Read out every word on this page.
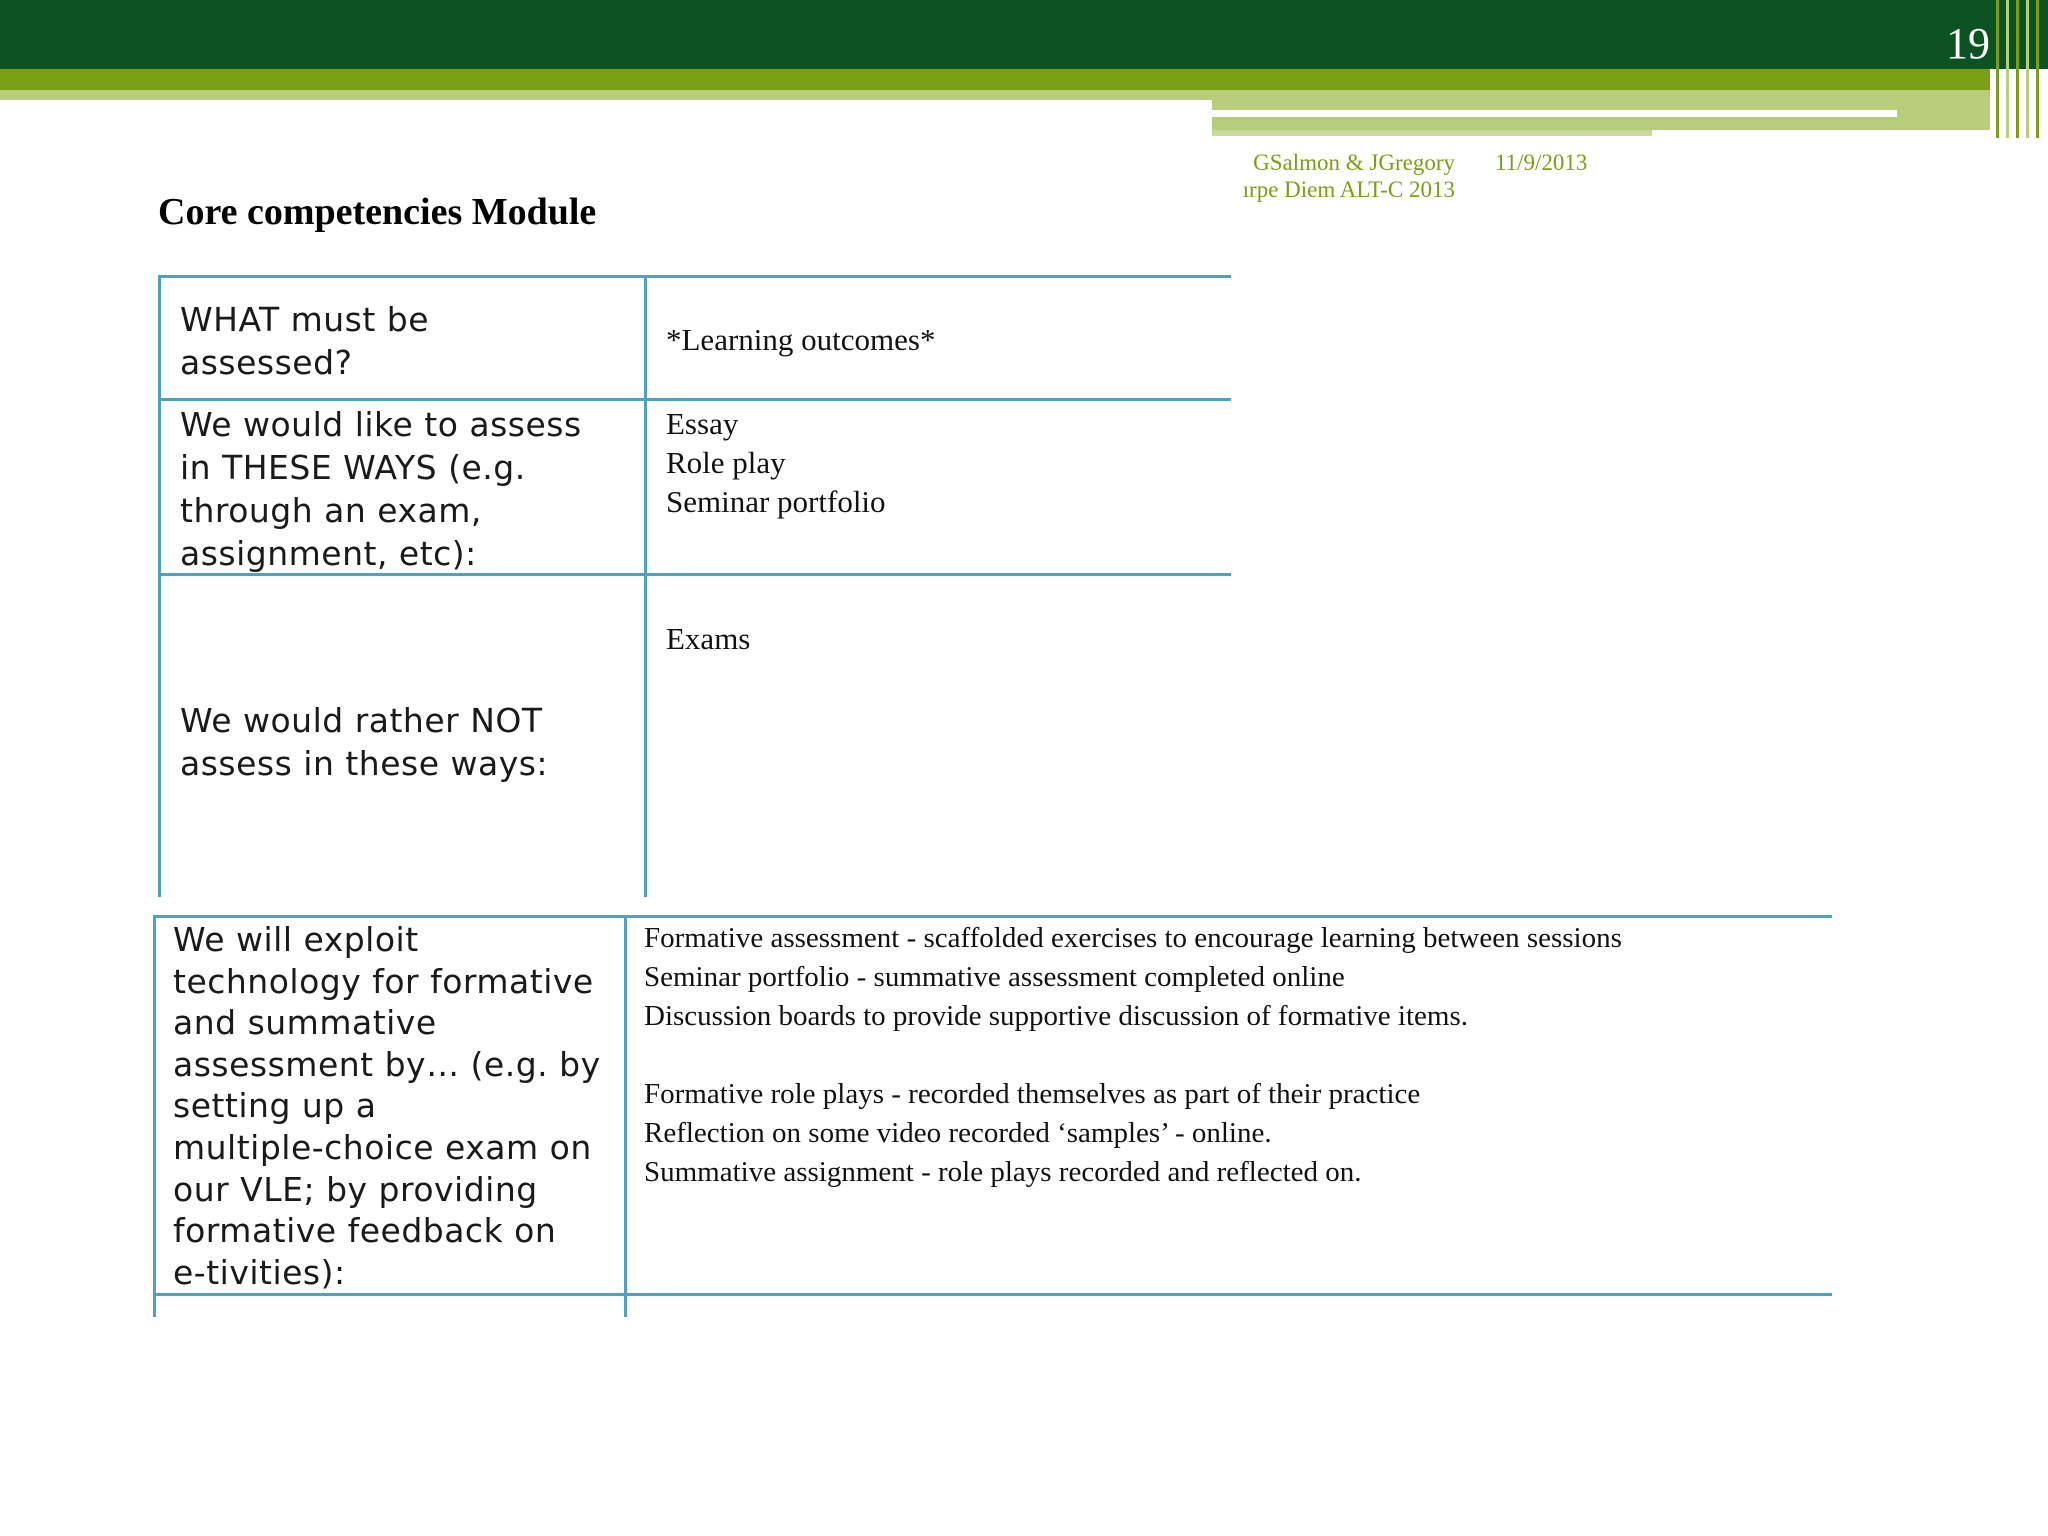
19
GSalmon & JGregory
ırpe Diem ALT-C 2013
11/9/2013
Core competencies Module
WHAT must be
assessed?
*Learning outcomes*
We would like to assess
in THESE WAYS (e.g.
through an exam,
assignment, etc):
Essay
Role play
Seminar portfolio
We would rather NOT
assess in these ways:
Exams
We will exploit
technology for formative
and summative
assessment by… (e.g. by
setting up a
multiple-choice exam on
our VLE; by providing
formative feedback on
e-tivities):
Formative assessment - scaffolded exercises to encourage learning between sessions
Seminar portfolio - summative assessment completed online
Discussion boards to provide supportive discussion of formative items.
Formative role plays - recorded themselves as part of their practice
Reflection on some video recorded ‘samples’ - online.
Summative assignment - role plays recorded and reflected on.
